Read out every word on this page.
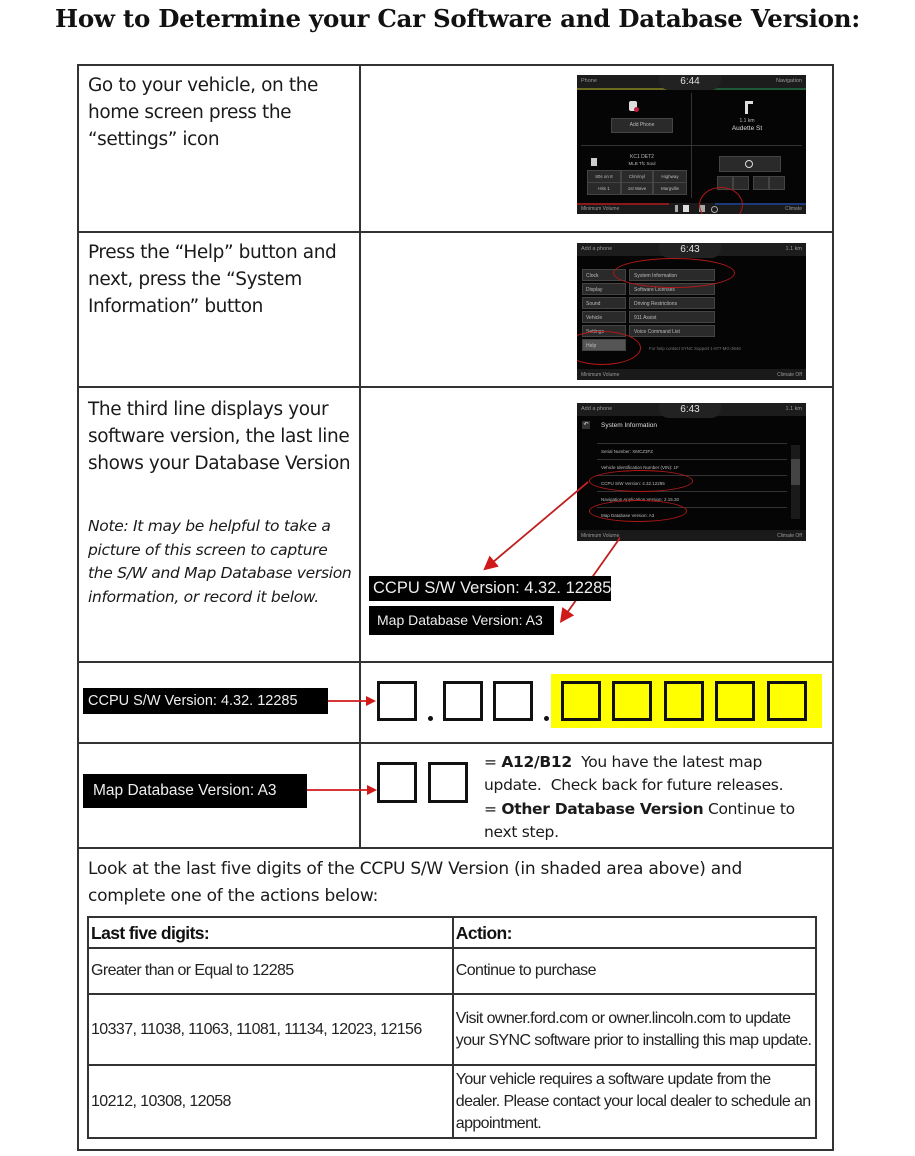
How to Determine your Car Software and Database Version:
Go to your vehicle, on the home screen press the “settings” icon
Phone	Navigation
6:44
Add Phone
1.1 km
Audette St
KC1 DET2
MLB Tfc Soul
80s on 8	ClsVinyl	Highway
Hits 1	1st Wave	Margville
Minimum Volume	Climate
Press the “Help” button and next, press the “System Information” button
Add a phone	1.1 km
6:43
Clock
Display
Sound
Vehicle
Settings
Help
System Information
Software Licenses
Driving Restrictions
911 Assist
Voice Command List
For help contact SYNC Support 1-877-MG-3646
Minimum Volume	Climate Off
The third line displays your software version, the last line shows your Database Version
Note: It may be helpful to take a picture of this screen to capture the S/W and Map Database version information, or record it below.
Add a phone	1.1 km
6:43
↶ System Information
Serial Number: XMCZ3FZ
Vehicle Identification Number (VIN): 1F
CCPU S/W Version: 4.32.12285
Navigation Application Version: 2.15.30
Map Database Version: A3
Minimum Volume	Climate Off
CCPU S/W Version: 4.32. 12285
Map Database Version: A3
CCPU S/W Version: 4.32. 12285
Map Database Version: A3
= A12/B12  You have the latest map update.  Check back for future releases.
= Other Database Version Continue to next step.
Look at the last five digits of the CCPU S/W Version (in shaded area above) and complete one of the actions below:
Last five digits:	Action:
Greater than or Equal to 12285	Continue to purchase
10337, 11038, 11063, 11081, 11134, 12023, 12156	Visit owner.ford.com or owner.lincoln.com to update your SYNC software prior to installing this map update.
10212, 10308, 12058	Your vehicle requires a software update from the dealer. Please contact your local dealer to schedule an appointment.
